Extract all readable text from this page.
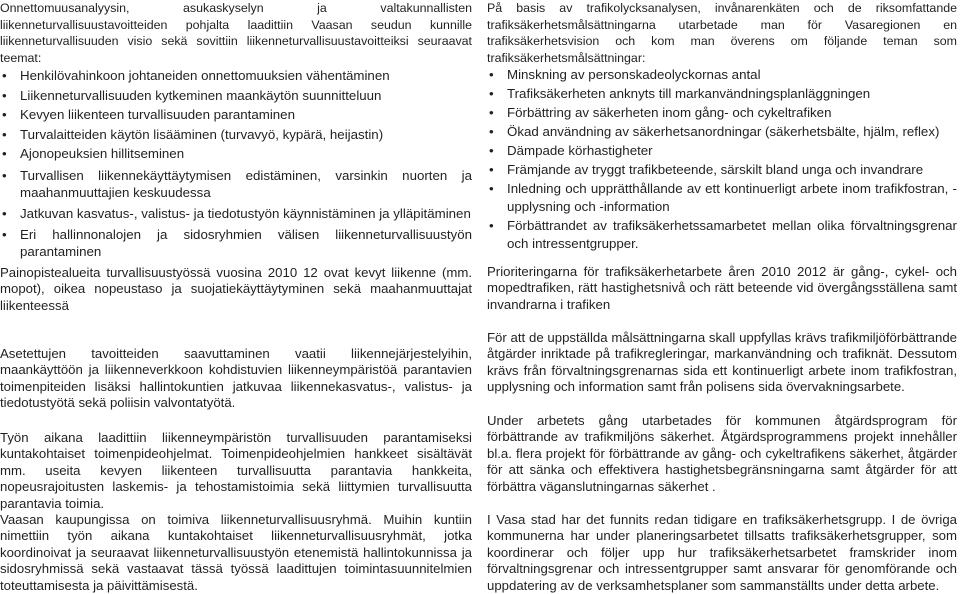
Onnettomuusanalyysin, asukaskyselyn ja valtakunnallisten liikenneturvallisuustavoitteiden pohjalta laadittiin Vaasan seudun kunnille liikenneturvallisuuden visio sekä sovittiin liikenneturvallisuustavoitteiksi seuraavat teemat:
• Henkilövahinkoon johtaneiden onnettomuuksien vähentäminen
• Liikenneturvallisuuden kytkeminen maankäytön suunnitteluun
• Kevyen liikenteen turvallisuuden parantaminen
• Turvalaitteiden käytön lisääminen (turvavyö, kypärä, heijastin)
• Ajonopeuksien hillitseminen
• Turvallisen liikennekäyttäytymisen edistäminen, varsinkin nuorten ja maahanmuuttajien keskuudessa
• Jatkuvan kasvatus-, valistus- ja tiedotustyön käynnistäminen ja ylläpitäminen
• Eri hallinnonalojen ja sidosryhmien välisen liikenneturvallisuustyön parantaminen
Painopistealueita turvallisuustyössä vuosina 2010 12 ovat kevyt liikenne (mm. mopot), oikea nopeustaso ja suojatiekäyttäytyminen sekä maahanmuuttajat liikenteessä
Asetettujen tavoitteiden saavuttaminen vaatii liikennejärjestelyihin, maankäyttöön ja liikenneverkkoon kohdistuvien liikenneympäristöä parantavien toimenpiteiden lisäksi hallintokuntien jatkuvaa liikennekasvatus-, valistus- ja tiedotustyötä sekä poliisin valvontatyötä.
Työn aikana laadittiin liikenneympäristön turvallisuuden parantamiseksi kuntakohtaiset toimenpideohjelmat. Toimenpideohjelmien hankkeet sisältävät mm. useita kevyen liikenteen turvallisuutta parantavia hankkeita, nopeusrajoitusten laskemis- ja tehostamistoimia sekä liittymien turvallisuutta parantavia toimia.
Vaasan kaupungissa on toimiva liikenneturvallisuusryhmä. Muihin kuntiin nimettiin työn aikana kuntakohtaiset liikenneturvallisuusryhmät, jotka koordinoivat ja seuraavat liikenneturvallisuustyön etenemistä hallintokunnissa ja sidosryhmissä sekä vastaavat tässä työssä laadittujen toimintasuunnitelmien toteuttamisesta ja päivittämisestä.
På basis av trafikolycksanalysen, invånarenkäten och de riksomfattande trafiksäkerhetsmålsättningarna utarbetade man för Vasaregionen en trafiksäkerhetsvision och kom man överens om följande teman som trafiksäkerhetsmålsättningar:
• Minskning av personskadeolyckornas antal
• Trafiksäkerheten anknyts till markanvändningsplanläggningen
• Förbättring av säkerheten inom gång- och cykeltrafiken
• Ökad användning av säkerhetsanordningar (säkerhetsbälte, hjälm, reflex)
• Dämpade körhastigheter
• Främjande av tryggt trafikbeteende, särskilt bland unga och invandrare
• Inledning och upprätthållande av ett kontinuerligt arbete inom trafikfostran, -upplysning och -information
• Förbättrandet av trafiksäkerhetssamarbetet mellan olika förvaltningsgrenar och intressentgrupper.
Prioriteringarna för trafiksäkerhetarbete åren 2010 2012 är gång-, cykel- och mopedtrafiken, rätt hastighetsnivå och rätt beteende vid övergångsställena samt invandrarna i trafiken
För att de uppställda målsättningarna skall uppfyllas krävs trafikmiljöförbättrande åtgärder inriktade på trafikregleringar, markanvändning och trafiknät. Dessutom krävs från förvaltningsgrenarnas sida ett kontinuerligt arbete inom trafikfostran, upplysning och information samt från polisens sida övervakningsarbete.
Under arbetets gång utarbetades för kommunen åtgärdsprogram för förbättrande av trafikmiljöns säkerhet. Åtgärdsprogrammens projekt innehåller bl.a. flera projekt för förbättrande av gång- och cykeltrafikens säkerhet, åtgärder för att sänka och effektivera hastighetsbegränsningarna samt åtgärder för att förbättra väganslutningarnas säkerhet .
I Vasa stad har det funnits redan tidigare en trafiksäkerhetsgrupp. I de övriga kommunerna har under planeringsarbetet tillsatts trafiksäkerhetsgrupper, som koordinerar och följer upp hur trafiksäkerhetsarbetet framskrider inom förvaltningsgrenar och intressentgrupper samt ansvarar för genomförande och uppdatering av de verksamhetsplaner som sammanställts under detta arbete.
